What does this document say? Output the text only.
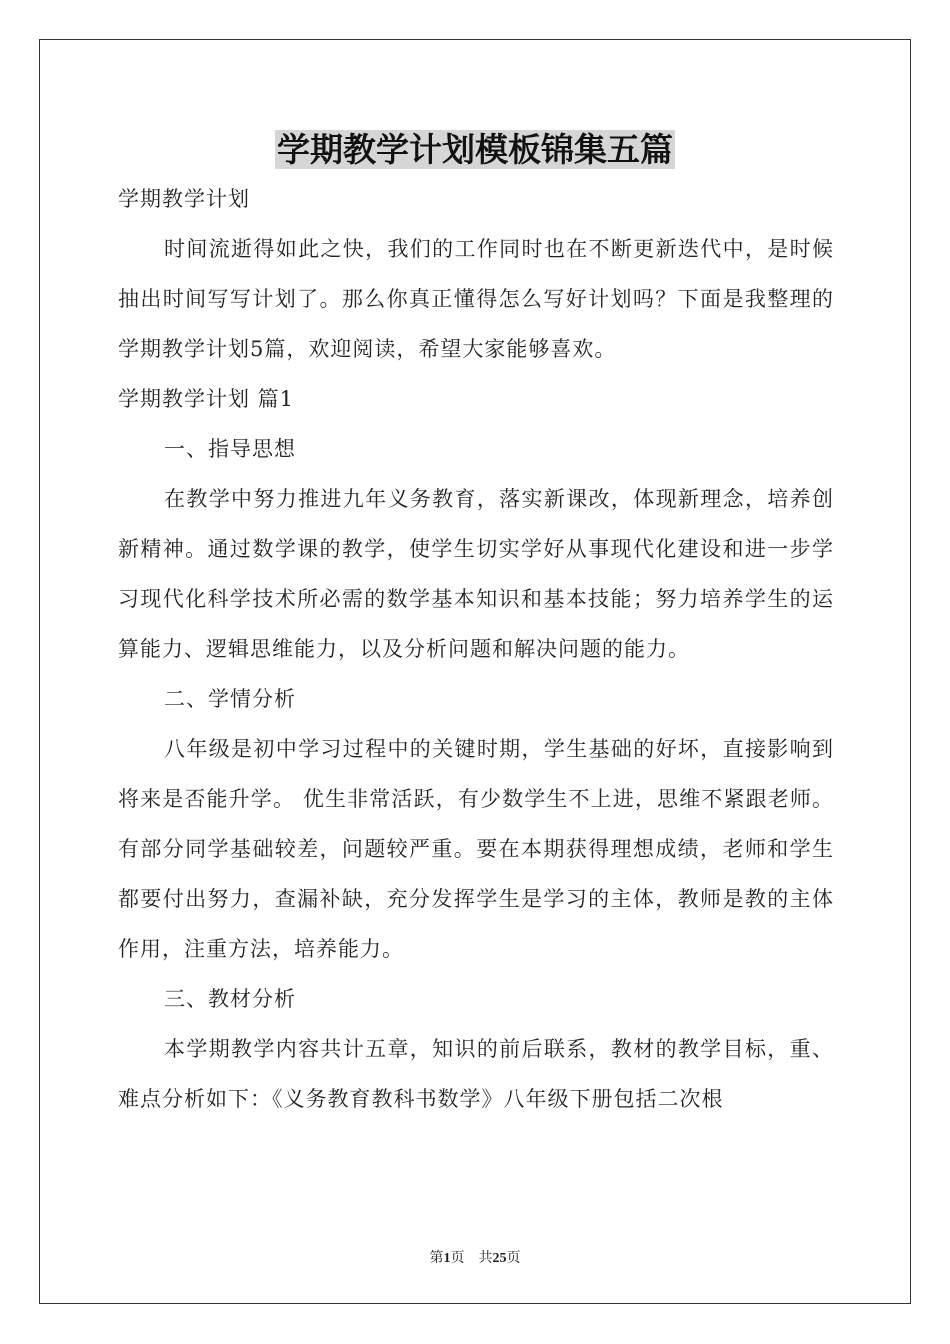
学期教学计划模板锦集五篇

学期教学计划

时间流逝得如此之快，我们的工作同时也在不断更新迭代中，是时候抽出时间写写计划了。那么你真正懂得怎么写好计划吗？下面是我整理的学期教学计划5篇，欢迎阅读，希望大家能够喜欢。

学期教学计划 篇1

一、指导思想

在教学中努力推进九年义务教育，落实新课改，体现新理念，培养创新精神。通过数学课的教学，使学生切实学好从事现代化建设和进一步学习现代化科学技术所必需的数学基本知识和基本技能；努力培养学生的运算能力、逻辑思维能力，以及分析问题和解决问题的能力。

二、学情分析

八年级是初中学习过程中的关键时期，学生基础的好坏，直接影响到将来是否能升学。 优生非常活跃，有少数学生不上进，思维不紧跟老师。有部分同学基础较差，问题较严重。要在本期获得理想成绩，老师和学生都要付出努力，查漏补缺，充分发挥学生是学习的主体，教师是教的主体作用，注重方法，培养能力。

三、教材分析

本学期教学内容共计五章，知识的前后联系，教材的教学目标，重、难点分析如下：《义务教育教科书数学》八年级下册包括二次根

第1页　共25页
